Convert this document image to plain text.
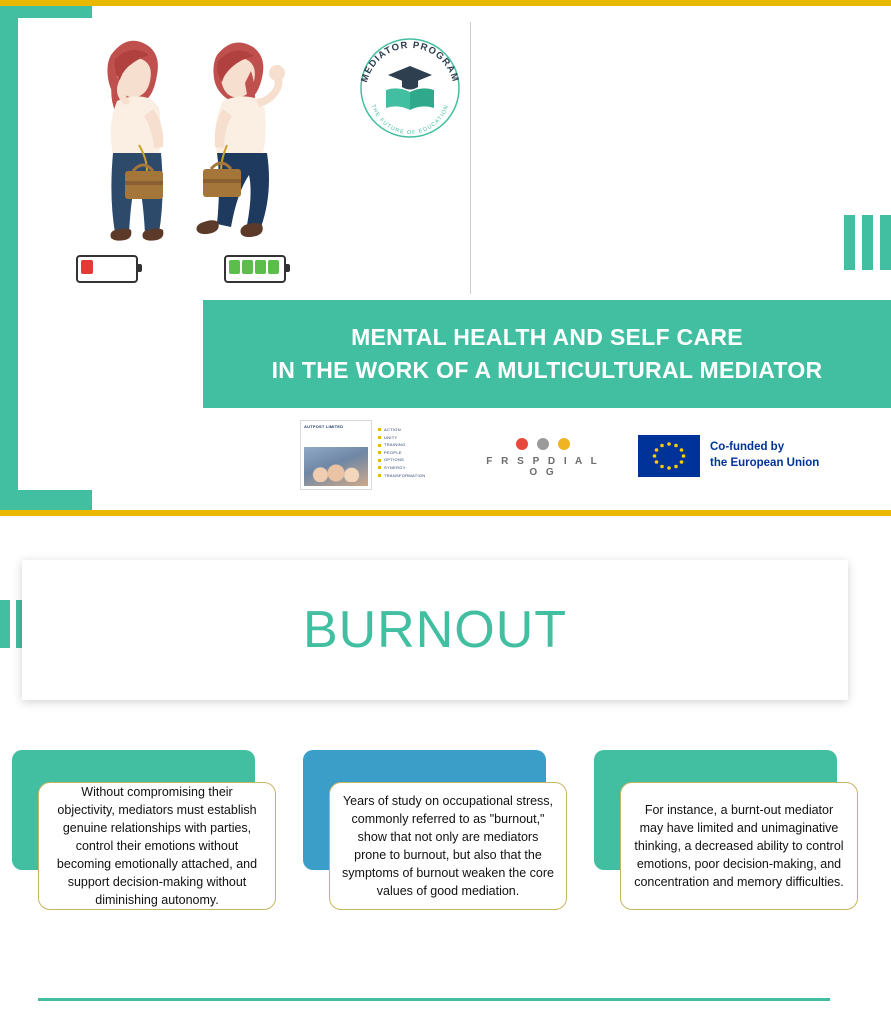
MEDIATOR PROGRAM
THE FUTURE OF EDUCATION
MENTAL HEALTH AND SELF CARE
IN THE WORK OF A MULTICULTURAL MEDIATOR
AUTPOST LIMITED
ACTION
UNITY
TRAINING
PEOPLE
OPTIONS
SYNERGY
TRANSFORMATION
F R S P D I A L O G
Co-funded by
the European Union
BURNOUT

Without compromising their objectivity, mediators must establish genuine relationships with parties, control their emotions without becoming emotionally attached, and support decision-making without diminishing autonomy.

Years of study on occupational stress, commonly referred to as "burnout," show that not only are mediators prone to burnout, but also that the symptoms of burnout weaken the core values of good mediation.

For instance, a burnt-out mediator may have limited and unimaginative thinking, a decreased ability to control emotions, poor decision-making, and concentration and memory difficulties.
